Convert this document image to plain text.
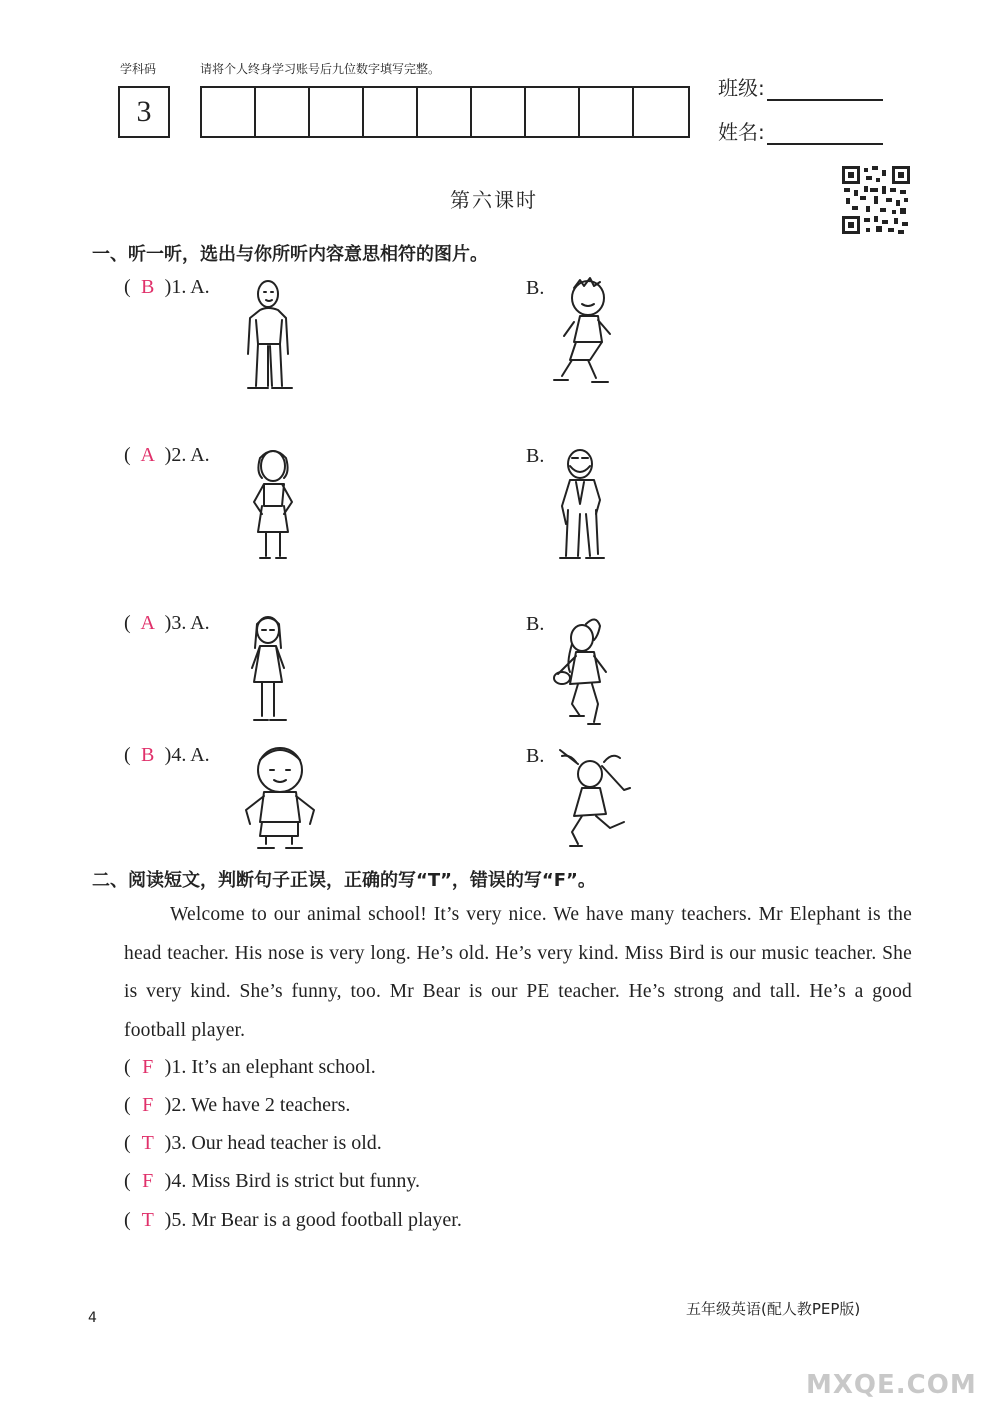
学科码	请将个人终身学习账号后九位数字填写完整。
3
班级:
姓名:
第六课时
一、听一听，选出与你所听内容意思相符的图片。
( B )1. A.	B.
( A )2. A.	B.
( A )3. A.	B.
( B )4. A.	B.
二、阅读短文，判断句子正误，正确的写“T”，错误的写“F”。
Welcome to our animal school! It’s very nice. We have many teachers. Mr Elephant is the head teacher. His nose is very long. He’s old. He’s very kind. Miss Bird is our music teacher. She is very kind. She’s funny, too. Mr Bear is our PE teacher. He’s strong and tall. He’s a good football player.
( F )1. It’s an elephant school.
( F )2. We have 2 teachers.
( T )3. Our head teacher is old.
( F )4. Miss Bird is strict but funny.
( T )5. Mr Bear is a good football player.
4	五年级英语(配人教PEP版)
MXQE.COM
